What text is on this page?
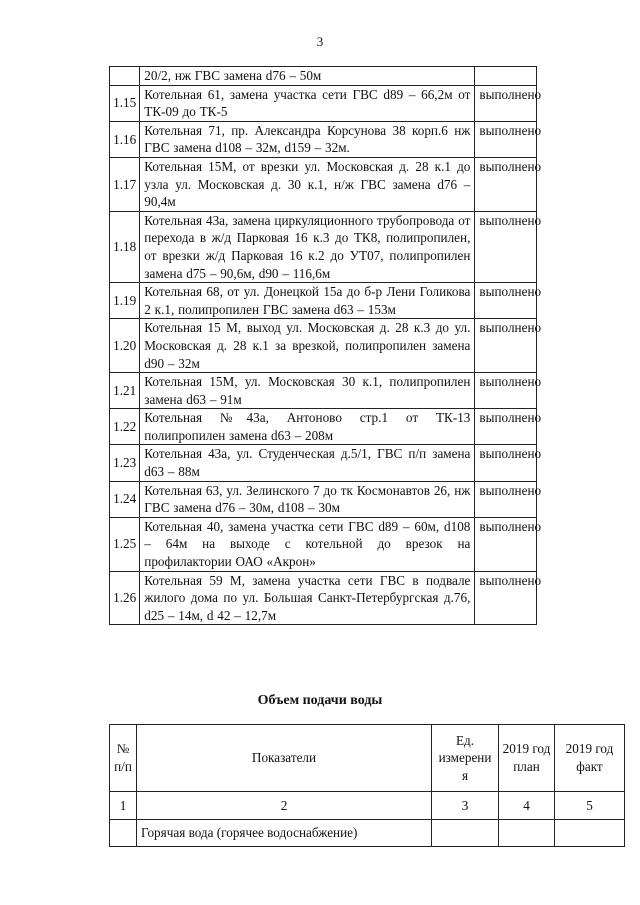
3
	20/2, нж ГВС замена d76 – 50м	
1.15	Котельная 61, замена участка сети ГВС d89 – 66,2м от ТК-09 до ТК-5	выполнено
1.16	Котельная 71, пр. Александра Корсунова 38 корп.6 нж ГВС замена d108 – 32м, d159 – 32м.	выполнено
1.17	Котельная 15М, от врезки ул. Московская д. 28 к.1 до узла ул. Московская д. 30 к.1, н/ж ГВС замена d76 – 90,4м	выполнено
1.18	Котельная 43а, замена циркуляционного трубопровода от перехода в ж/д Парковая 16 к.3 до ТК8, полипропилен, от врезки ж/д Парковая 16 к.2 до УТ07, полипропилен замена d75 – 90,6м, d90 – 116,6м	выполнено
1.19	Котельная 68, от ул. Донецкой 15а до б-р Лени Голикова 2 к.1, полипропилен ГВС замена d63 – 153м	выполнено
1.20	Котельная 15 М, выход ул. Московская д. 28 к.3 до ул. Московская д. 28 к.1 за врезкой, полипропилен замена d90 – 32м	выполнено
1.21	Котельная 15М, ул. Московская 30 к.1, полипропилен замена d63 – 91м	выполнено
1.22	Котельная №43а, Антоново стр.1 от ТК-13 полипропилен замена d63 – 208м	выполнено
1.23	Котельная 43а, ул. Студенческая д.5/1, ГВС п/п замена d63 – 88м	выполнено
1.24	Котельная 63, ул. Зелинского 7 до тк Космонавтов 26, нж ГВС замена d76 – 30м, d108 – 30м	выполнено
1.25	Котельная 40, замена участка сети ГВС d89 – 60м, d108 – 64м на выходе с котельной до врезок на профилактории ОАО «Акрон»	выполнено
1.26	Котельная 59 М, замена участка сети ГВС в подвале жилого дома по ул. Большая Санкт-Петербургская д.76, d25 – 14м, d 42 – 12,7м	выполнено
Объем подачи воды
№ п/п	Показатели	Ед. измерени я	2019 год план	2019 год факт
1	2	3	4	5
	Горячая вода (горячее водоснабжение)			
